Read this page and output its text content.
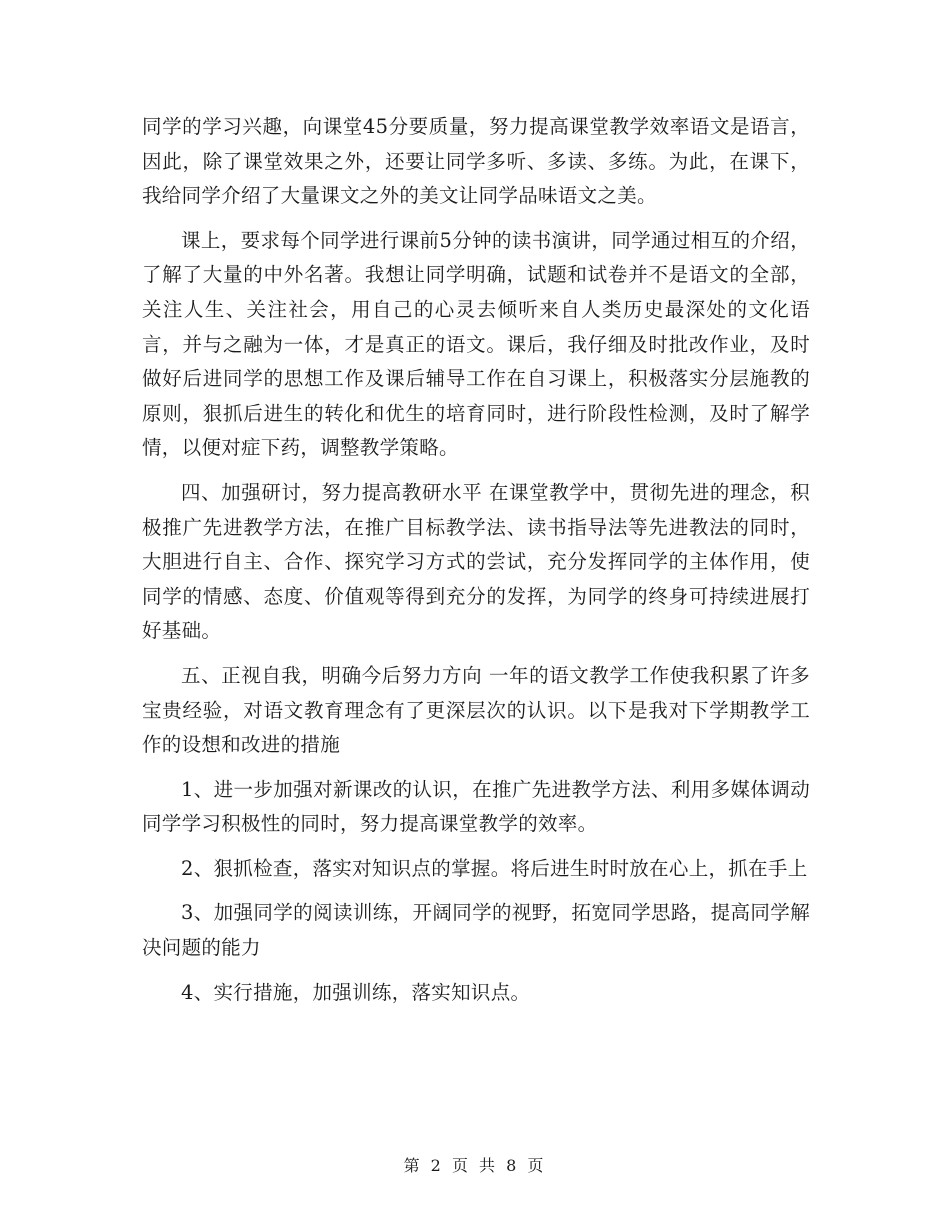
同学的学习兴趣，向课堂45分要质量，努力提高课堂教学效率语文是语言，因此，除了课堂效果之外，还要让同学多听、多读、多练。为此，在课下，我给同学介绍了大量课文之外的美文让同学品味语文之美。

课上，要求每个同学进行课前5分钟的读书演讲，同学通过相互的介绍，了解了大量的中外名著。我想让同学明确，试题和试卷并不是语文的全部，关注人生、关注社会，用自己的心灵去倾听来自人类历史最深处的文化语言，并与之融为一体，才是真正的语文。课后，我仔细及时批改作业，及时做好后进同学的思想工作及课后辅导工作在自习课上，积极落实分层施教的原则，狠抓后进生的转化和优生的培育同时，进行阶段性检测，及时了解学情，以便对症下药，调整教学策略。

四、加强研讨，努力提高教研水平 在课堂教学中，贯彻先进的理念，积极推广先进教学方法，在推广目标教学法、读书指导法等先进教法的同时，大胆进行自主、合作、探究学习方式的尝试，充分发挥同学的主体作用，使同学的情感、态度、价值观等得到充分的发挥，为同学的终身可持续进展打好基础。

五、正视自我，明确今后努力方向 一年的语文教学工作使我积累了许多宝贵经验，对语文教育理念有了更深层次的认识。以下是我对下学期教学工作的设想和改进的措施

1、进一步加强对新课改的认识，在推广先进教学方法、利用多媒体调动同学学习积极性的同时，努力提高课堂教学的效率。

2、狠抓检查，落实对知识点的掌握。将后进生时时放在心上，抓在手上

3、加强同学的阅读训练，开阔同学的视野，拓宽同学思路，提高同学解决问题的能力

4、实行措施，加强训练，落实知识点。

第 2 页 共 8 页
